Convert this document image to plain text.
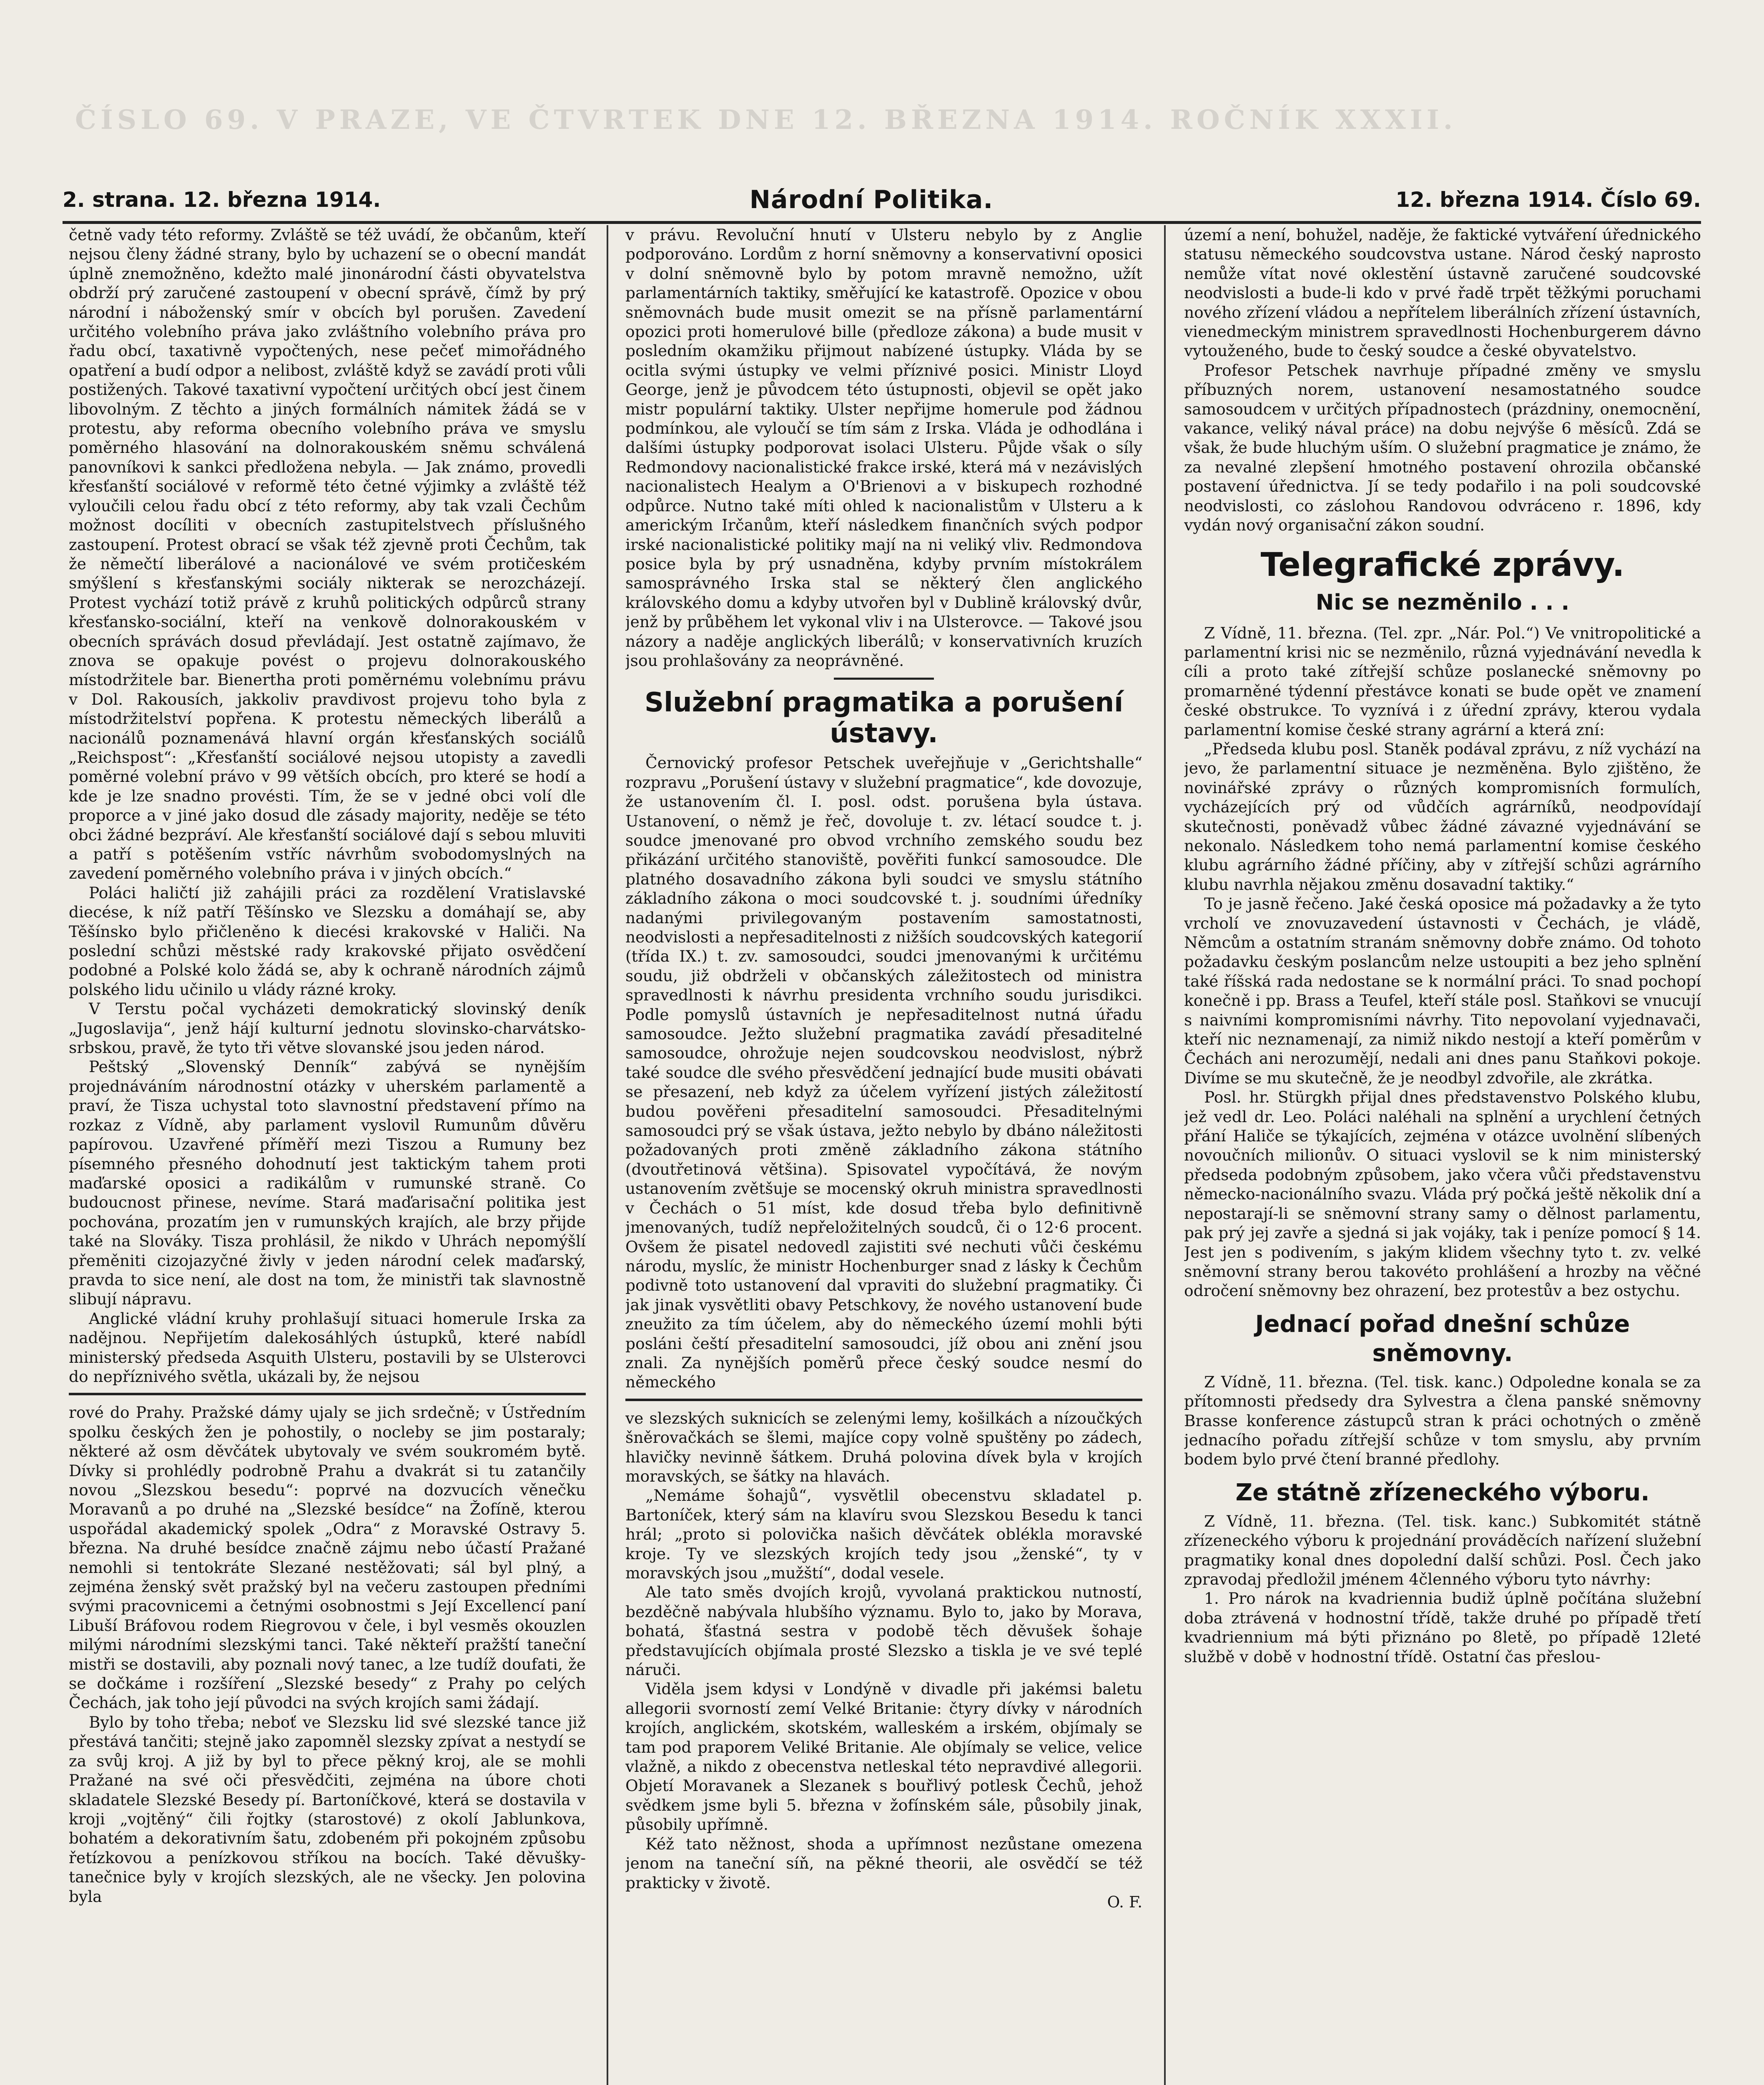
ČÍSLO 69. V PRAZE, VE ČTVRTEK DNE 12. BŘEZNA 1914. ROČNÍK XXXII.
2. strana. 12. března 1914.	Národní Politika.	12. března 1914. Číslo 69.

četně vady této reformy. Zvláště se též uvádí, že občanům, kteří nejsou členy žádné strany, bylo by uchazení se o obecní mandát úplně znemožněno, kdežto malé jinonárodní části obyvatelstva obdrží prý zaručené zastoupení v obecní správě, čímž by prý národní i náboženský smír v obcích byl porušen. Zavedení určitého volebního práva jako zvláštního volebního práva pro řadu obcí, taxativně vypočtených, nese pečeť mimořádného opatření a budí odpor a nelibost, zvláště když se zavádí proti vůli postižených. Takové taxativní vypočtení určitých obcí jest činem libovolným. Z těchto a jiných formálních námitek žádá se v protestu, aby reforma obecního volebního práva ve smyslu poměrného hlasování na dolnorakouském sněmu schválená panovníkovi k sankci předložena nebyla. — Jak známo, provedli křesťanští sociálové v reformě této četné výjimky a zvláště též vyloučili celou řadu obcí z této reformy, aby tak vzali Čechům možnost docíliti v obecních zastupitelstvech příslušného zastoupení. Protest obrací se však též zjevně proti Čechům, tak že němečtí liberálové a nacionálové ve svém protičeském smýšlení s křesťanskými sociály nikterak se nerozcházejí. Protest vychází totiž právě z kruhů politických odpůrců strany křesťansko-sociální, kteří na venkově dolnorakouském v obecních správách dosud převládají. Jest ostatně zajímavo, že znova se opakuje povést o projevu dolnorakouského místodržitele bar. Bienertha proti poměrnému volebnímu právu v Dol. Rakousích, jakkoliv pravdivost projevu toho byla z místodržitelství popřena. K protestu německých liberálů a nacionálů poznamenává hlavní orgán křesťanských sociálů „Reichspost“: „Křesťanští sociálové nejsou utopisty a zavedli poměrné volební právo v 99 větších obcích, pro které se hodí a kde je lze snadno provésti. Tím, že se v jedné obci volí dle proporce a v jiné jako dosud dle zásady majority, neděje se této obci žádné bezpráví. Ale křesťanští sociálové dají s sebou mluviti a patří s potěšením vstříc návrhům svobodomyslných na zavedení poměrného volebního práva i v jiných obcích.“

Poláci haličtí již zahájili práci za rozdělení Vratislavské diecése, k níž patří Těšínsko ve Slezsku a domáhají se, aby Těšínsko bylo přičleněno k diecési krakovské v Haliči. Na poslední schůzi městské rady krakovské přijato osvědčení podobné a Polské kolo žádá se, aby k ochraně národních zájmů polského lidu učinilo u vlády rázné kroky.

V Terstu počal vycházeti demokratický slovinský deník „Jugoslavija“, jenž hájí kulturní jednotu slovinsko-charvátsko-srbskou, pravě, že tyto tři větve slovanské jsou jeden národ.

Peštský „Slovenský Denník“ zabývá se nynějším projednáváním národnostní otázky v uherském parlamentě a praví, že Tisza uchystal toto slavnostní představení přímo na rozkaz z Vídně, aby parlament vyslovil Rumunům důvěru papírovou. Uzavřené příměří mezi Tiszou a Rumuny bez písemného přesného dohodnutí jest taktickým tahem proti maďarské oposici a radikálům v rumunské straně. Co budoucnost přinese, nevíme. Stará maďarisační politika jest pochována, prozatím jen v rumunských krajích, ale brzy přijde také na Slováky. Tisza prohlásil, že nikdo v Uhrách nepomýšlí přeměniti cizojazyčné živly v jeden národní celek maďarský, pravda to sice není, ale dost na tom, že ministři tak slavnostně slibují nápravu.

Anglické vládní kruhy prohlašují situaci homerule Irska za nadějnou. Nepřijetím dalekosáhlých ústupků, které nabídl ministerský předseda Asquith Ulsteru, postavili by se Ulsterovci do nepříznivého světla, ukázali by, že nejsou

rové do Prahy. Pražské dámy ujaly se jich srdečně; v Ústředním spolku českých žen je pohostily, o nocleby se jim postaraly; některé až osm děvčátek ubytovaly ve svém soukromém bytě. Dívky si prohlédly podrobně Prahu a dvakrát si tu zatančily novou „Slezskou besedu“: poprvé na dozvucích věnečku Moravanů a po druhé na „Slezské besídce“ na Žofíně, kterou uspořádal akademický spolek „Odra“ z Moravské Ostravy 5. března. Na druhé besídce značně zájmu nebo účastí Pražané nemohli si tentokráte Slezané nestěžovati; sál byl plný, a zejména ženský svět pražský byl na večeru zastoupen předními svými pracovnicemi a četnými osobnostmi s Její Excellencí paní Libuší Bráfovou rodem Riegrovou v čele, i byl vesměs okouzlen milými národními slezskými tanci. Také někteří pražští taneční mistři se dostavili, aby poznali nový tanec, a lze tudíž doufati, že se dočkáme i rozšíření „Slezské besedy“ z Prahy po celých Čechách, jak toho její původci na svých krojích sami žádají.

Bylo by toho třeba; neboť ve Slezsku lid své slezské tance již přestává tančiti; stejně jako zapomněl slezsky zpívat a nestydí se za svůj kroj. A již by byl to přece pěkný kroj, ale se mohli Pražané na své oči přesvědčiti, zejména na úbore choti skladatele Slezské Besedy pí. Bartoníčkové, která se dostavila v kroji „vojtěný“ čili řojtky (starostové) z okolí Jablunkova, bohatém a dekorativním šatu, zdobeném při pokojném způsobu řetízkovou a penízkovou stříkou na bocích. Také děvušky-tanečnice byly v krojích slezských, ale ne všecky. Jen polovina byla

v právu. Revoluční hnutí v Ulsteru nebylo by z Anglie podporováno. Lordům z horní sněmovny a konservativní oposici v dolní sněmovně bylo by potom mravně nemožno, užít parlamentárních taktiky, směřující ke katastrofě. Opozice v obou sněmovnách bude musit omezit se na přísně parlamentární opozici proti homerulové bille (předloze zákona) a bude musit v posledním okamžiku přijmout nabízené ústupky. Vláda by se ocitla svými ústupky ve velmi příznivé posici. Ministr Lloyd George, jenž je původcem této ústupnosti, objevil se opět jako mistr populární taktiky. Ulster nepřijme homerule pod žádnou podmínkou, ale vyloučí se tím sám z Irska. Vláda je odhodlána i dalšími ústupky podporovat isolaci Ulsteru. Půjde však o síly Redmondovy nacionalistické frakce irské, která má v nezávislých nacionalistech Healym a O'Brienovi a v biskupech rozhodné odpůrce. Nutno také míti ohled k nacionalistům v Ulsteru a k americkým Irčanům, kteří následkem finančních svých podpor irské nacionalistické politiky mají na ni veliký vliv. Redmondova posice byla by prý usnadněna, kdyby prvním místokrálem samosprávného Irska stal se některý člen anglického královského domu a kdyby utvořen byl v Dublině královský dvůr, jenž by průběhem let vykonal vliv i na Ulsterovce. — Takové jsou názory a naděje anglických liberálů; v konservativních kruzích jsou prohlašovány za neoprávněné.

Služební pragmatika a porušení ústavy.

Černovický profesor Petschek uveřejňuje v „Gerichtshalle“ rozpravu „Porušení ústavy v služební pragmatice“, kde dovozuje, že ustanovením čl. I. posl. odst. porušena byla ústava. Ustanovení, o němž je řeč, dovoluje t. zv. létací soudce t. j. soudce jmenované pro obvod vrchního zemského soudu bez přikázání určitého stanoviště, pověřiti funkcí samosoudce. Dle platného dosavadního zákona byli soudci ve smyslu státního základního zákona o moci soudcovské t. j. soudními úředníky nadanými privilegovaným postavením samostatnosti, neodvislosti a nepřesaditelnosti z nižších soudcovských kategorií (třída IX.) t. zv. samosoudci, soudci jmenovanými k určitému soudu, již obdrželi v občanských záležitostech od ministra spravedlnosti k návrhu presidenta vrchního soudu jurisdikci. Podle pomyslů ústavních je nepřesaditelnost nutná úřadu samosoudce. Ježto služební pragmatika zavádí přesaditelné samosoudce, ohrožuje nejen soudcovskou neodvislost, nýbrž také soudce dle svého přesvědčení jednající bude musiti obávati se přesazení, neb když za účelem vyřízení jistých záležitostí budou pověřeni přesaditelní samosoudci. Přesaditelnými samosoudci prý se však ústava, ježto nebylo by dbáno náležitosti požadovaných proti změně základního zákona státního (dvoutřetinová většina). Spisovatel vypočítává, že novým ustanovením zvětšuje se mocenský okruh ministra spravedlnosti v Čechách o 51 míst, kde dosud třeba bylo definitivně jmenovaných, tudíž nepřeložitelných soudců, či o 12·6 procent. Ovšem že pisatel nedovedl zajistiti své nechuti vůči českému národu, myslíc, že ministr Hochenburger snad z lásky k Čechům podivně toto ustanovení dal vpraviti do služební pragmatiky. Či jak jinak vysvětliti obavy Petschkovy, že nového ustanovení bude zneužito za tím účelem, aby do německého území mohli býti posláni čeští přesaditelní samosoudci, jíž obou ani znění jsou znali. Za nynějších poměrů přece český soudce nesmí do německého

ve slezských suknicích se zelenými lemy, košilkách a nízoučkých šněrovačkách se šlemi, majíce copy volně spuštěny po zádech, hlavičky nevinně šátkem. Druhá polovina dívek byla v krojích moravských, se šátky na hlavách.

„Nemáme šohajů“, vysvětlil obecenstvu skladatel p. Bartoníček, který sám na klavíru svou Slezskou Besedu k tanci hrál; „proto si polovička našich děvčátek oblékla moravské kroje. Ty ve slezských krojích tedy jsou „ženské“, ty v moravských jsou „mužští“, dodal vesele.

Ale tato směs dvojích krojů, vyvolaná praktickou nutností, bezděčně nabývala hlubšího významu. Bylo to, jako by Morava, bohatá, šťastná sestra v podobě těch děvušek šohaje představujících objímala prosté Slezsko a tiskla je ve své teplé náruči.

Viděla jsem kdysi v Londýně v divadle při jakémsi baletu allegorii svorností zemí Velké Britanie: čtyry dívky v národních krojích, anglickém, skotském, walleském a irském, objímaly se tam pod praporem Veliké Britanie. Ale objímaly se velice, velice vlažně, a nikdo z obecenstva netleskal této nepravdivé allegorii. Objetí Moravanek a Slezanek s bouřlivý potlesk Čechů, jehož svědkem jsme byli 5. března v žofínském sále, působily jinak, působily upřímně.

Kéž tato něžnost, shoda a upřímnost nezůstane omezena jenom na taneční síň, na pěkné theorii, ale osvědčí se též prakticky v životě.

O. F.

území a není, bohužel, naděje, že faktické vytváření úřednického statusu německého soudcovstva ustane. Národ český naprosto nemůže vítat nové oklestění ústavně zaručené soudcovské neodvislosti a bude-li kdo v prvé řadě trpět těžkými poruchami nového zřízení vládou a nepřítelem liberálních zřízení ústavních, vienedmeckým ministrem spravedlnosti Hochenburgerem dávno vytouženého, bude to český soudce a české obyvatelstvo.

Profesor Petschek navrhuje případné změny ve smyslu příbuzných norem, ustanovení nesamostatného soudce samosoudcem v určitých případnostech (prázdniny, onemocnění, vakance, veliký nával práce) na dobu nejvýše 6 měsíců. Zdá se však, že bude hluchým uším. O služební pragmatice je známo, že za nevalné zlepšení hmotného postavení ohrozila občanské postavení úřednictva. Jí se tedy podařilo i na poli soudcovské neodvislosti, co záslohou Randovou odvráceno r. 1896, kdy vydán nový organisační zákon soudní.

Telegrafické zprávy.
Nic se nezměnilo . . .

Z Vídně, 11. března. (Tel. zpr. „Nár. Pol.“) Ve vnitropolitické a parlamentní krisi nic se nezměnilo, různá vyjednávání nevedla k cíli a proto také zítřejší schůze poslanecké sněmovny po promarněné týdenní přestávce konati se bude opět ve znamení české obstrukce. To vyznívá i z úřední zprávy, kterou vydala parlamentní komise české strany agrární a která zní:

„Předseda klubu posl. Staněk podával zprávu, z níž vychází na jevo, že parlamentní situace je nezměněna. Bylo zjištěno, že novinářské zprávy o různých kompromisních formulích, vycházejících prý od vůdčích agrárníků, neodpovídají skutečnosti, poněvadž vůbec žádné závazné vyjednávání se nekonalo. Následkem toho nemá parlamentní komise českého klubu agrárního žádné příčiny, aby v zítřejší schůzi agrárního klubu navrhla nějakou změnu dosavadní taktiky.“

To je jasně řečeno. Jaké česká oposice má požadavky a že tyto vrcholí ve znovuzavedení ústavnosti v Čechách, je vládě, Němcům a ostatním stranám sněmovny dobře známo. Od tohoto požadavku českým poslancům nelze ustoupiti a bez jeho splnění také říšská rada nedostane se k normální práci. To snad pochopí konečně i pp. Brass a Teufel, kteří stále posl. Staňkovi se vnucují s naivními kompromisními návrhy. Tito nepovolaní vyjednavači, kteří nic neznamenají, za nimiž nikdo nestojí a kteří poměrům v Čechách ani nerozumějí, nedali ani dnes panu Staňkovi pokoje. Divíme se mu skutečně, že je neodbyl zdvořile, ale zkrátka.

Posl. hr. Stürgkh přijal dnes představenstvo Polského klubu, jež vedl dr. Leo. Poláci naléhali na splnění a urychlení četných přání Haliče se týkajících, zejména v otázce uvolnění slíbených novoučních milionův. O situaci vyslovil se k nim ministerský předseda podobným způsobem, jako včera vůči představenstvu německo-nacionálního svazu. Vláda prý počká ještě několik dní a nepostarají-li se sněmovní strany samy o dělnost parlamentu, pak prý jej zavře a sjedná si jak vojáky, tak i peníze pomocí § 14. Jest jen s podivením, s jakým klidem všechny tyto t. zv. velké sněmovní strany berou takovéto prohlášení a hrozby na věčné odročení sněmovny bez ohrazení, bez protestův a bez ostychu.

Jednací pořad dnešní schůze sněmovny.

Z Vídně, 11. března. (Tel. tisk. kanc.) Odpoledne konala se za přítomnosti předsedy dra Sylvestra a člena panské sněmovny Brasse konference zástupců stran k práci ochotných o změně jednacího pořadu zítřejší schůze v tom smyslu, aby prvním bodem bylo prvé čtení branné předlohy.

Ze státně zřízeneckého výboru.

Z Vídně, 11. března. (Tel. tisk. kanc.) Subkomitét státně zřízeneckého výboru k projednání prováděcích nařízení služební pragmatiky konal dnes dopolední další schůzi. Posl. Čech jako zpravodaj předložil jménem 4členného výboru tyto návrhy:

1. Pro nárok na kvadriennia budiž úplně počítána služební doba ztrávená v hodnostní třídě, takže druhé po případě třetí kvadriennium má býti přiznáno po 8letě, po případě 12leté službě v době v hodnostní třídě. Ostatní čas přeslou-
